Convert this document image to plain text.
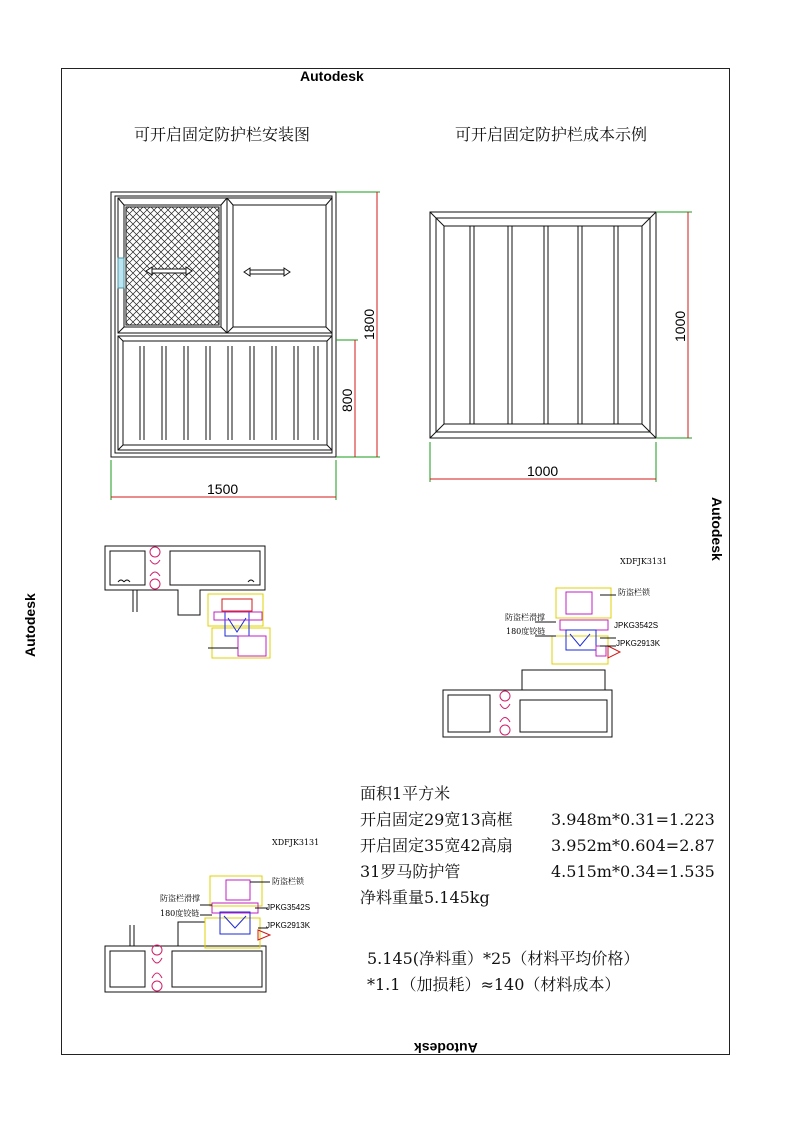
Autodesk
Autodesk
Autodesk
Autodesk
可开启固定防护栏安装图	可开启固定防护栏成本示例
1500
1800
800
1000
1000
XDFJK3131
防盗栏锁
防盗栏滑撑
180度铰链
JPKG3542S
JPKG2913K
XDFJK3131
防盗栏锁
防盗栏滑撑
180度铰链
JPKG3542S
JPKG2913K
面积1平方米
开启固定29宽13高框	3.948m*0.31=1.223
开启固定35宽42高扇	3.952m*0.604=2.87
31罗马防护管	4.515m*0.34=1.535
净料重量5.145kg
5.145(净料重）*25（材料平均价格）
*1.1（加损耗）≈140（材料成本）
